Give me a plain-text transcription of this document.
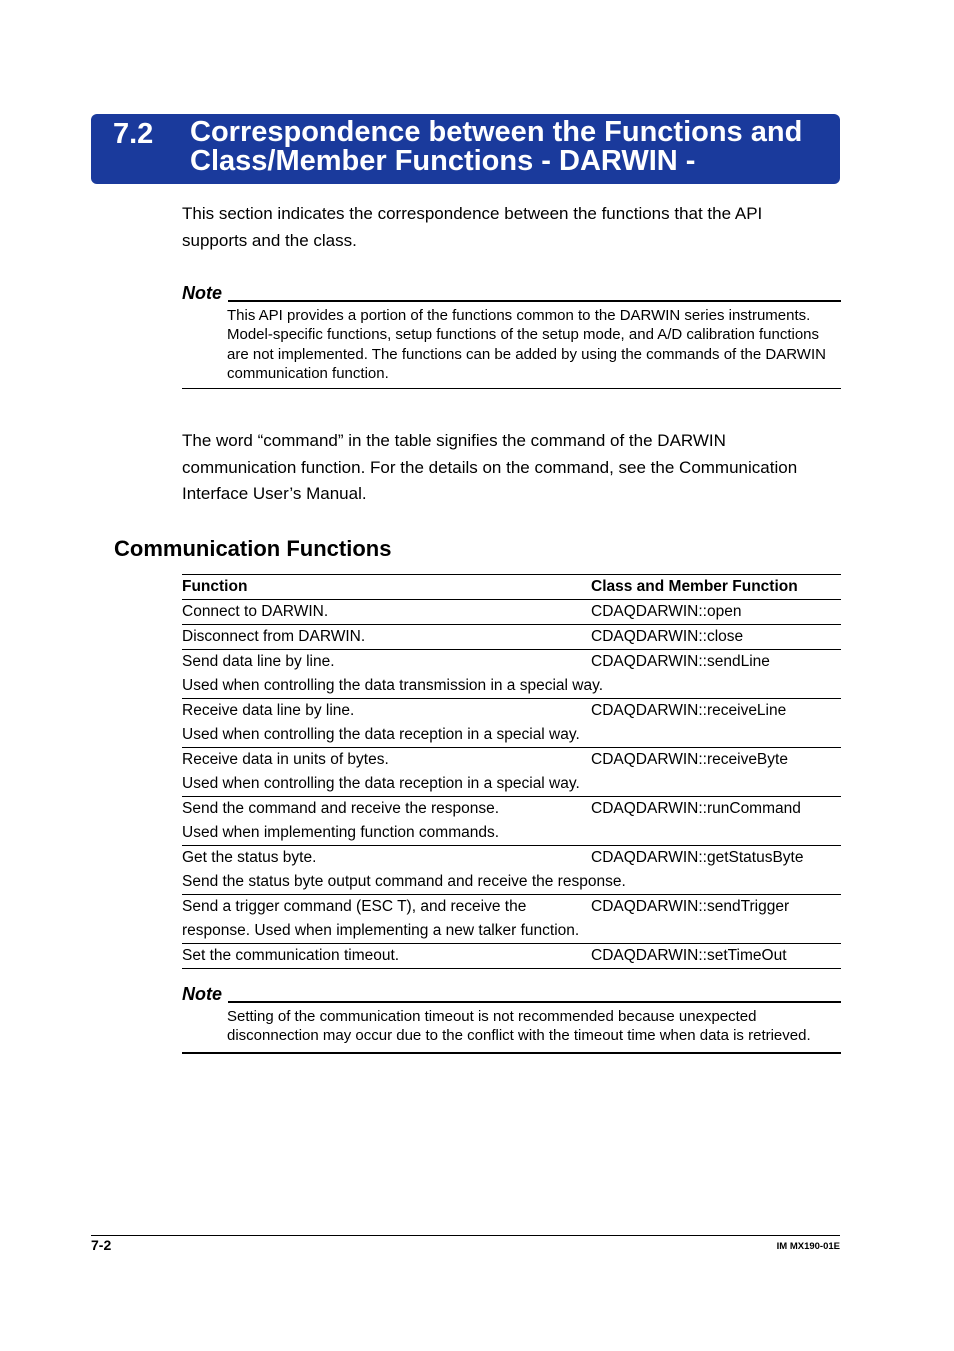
7.2 Correspondence between the Functions and Class/Member Functions - DARWIN -
This section indicates the correspondence between the functions that the API supports and the class.
Note
This API provides a portion of the functions common to the DARWIN series instruments. Model-specific functions, setup functions of the setup mode, and A/D calibration functions are not implemented. The functions can be added by using the commands of the DARWIN communication function.
The word “command” in the table signifies the command of the DARWIN communication function. For the details on the command, see the Communication Interface User’s Manual.
Communication Functions
Function	Class and Member Function
Connect to DARWIN.	CDAQDARWIN::open
Disconnect from DARWIN.	CDAQDARWIN::close
Send data line by line.	CDAQDARWIN::sendLine
Used when controlling the data transmission in a special way.
Receive data line by line.	CDAQDARWIN::receiveLine
Used when controlling the data reception in a special way.
Receive data in units of bytes.	CDAQDARWIN::receiveByte
Used when controlling the data reception in a special way.
Send the command and receive the response.	CDAQDARWIN::runCommand
Used when implementing function commands.
Get the status byte.	CDAQDARWIN::getStatusByte
Send the status byte output command and receive the response.
Send a trigger command (ESC T), and receive the	CDAQDARWIN::sendTrigger
response. Used when implementing a new talker function.
Set the communication timeout.	CDAQDARWIN::setTimeOut
Note
Setting of the communication timeout is not recommended because unexpected disconnection may occur due to the conflict with the timeout time when data is retrieved.
7-2	IM MX190-01E
